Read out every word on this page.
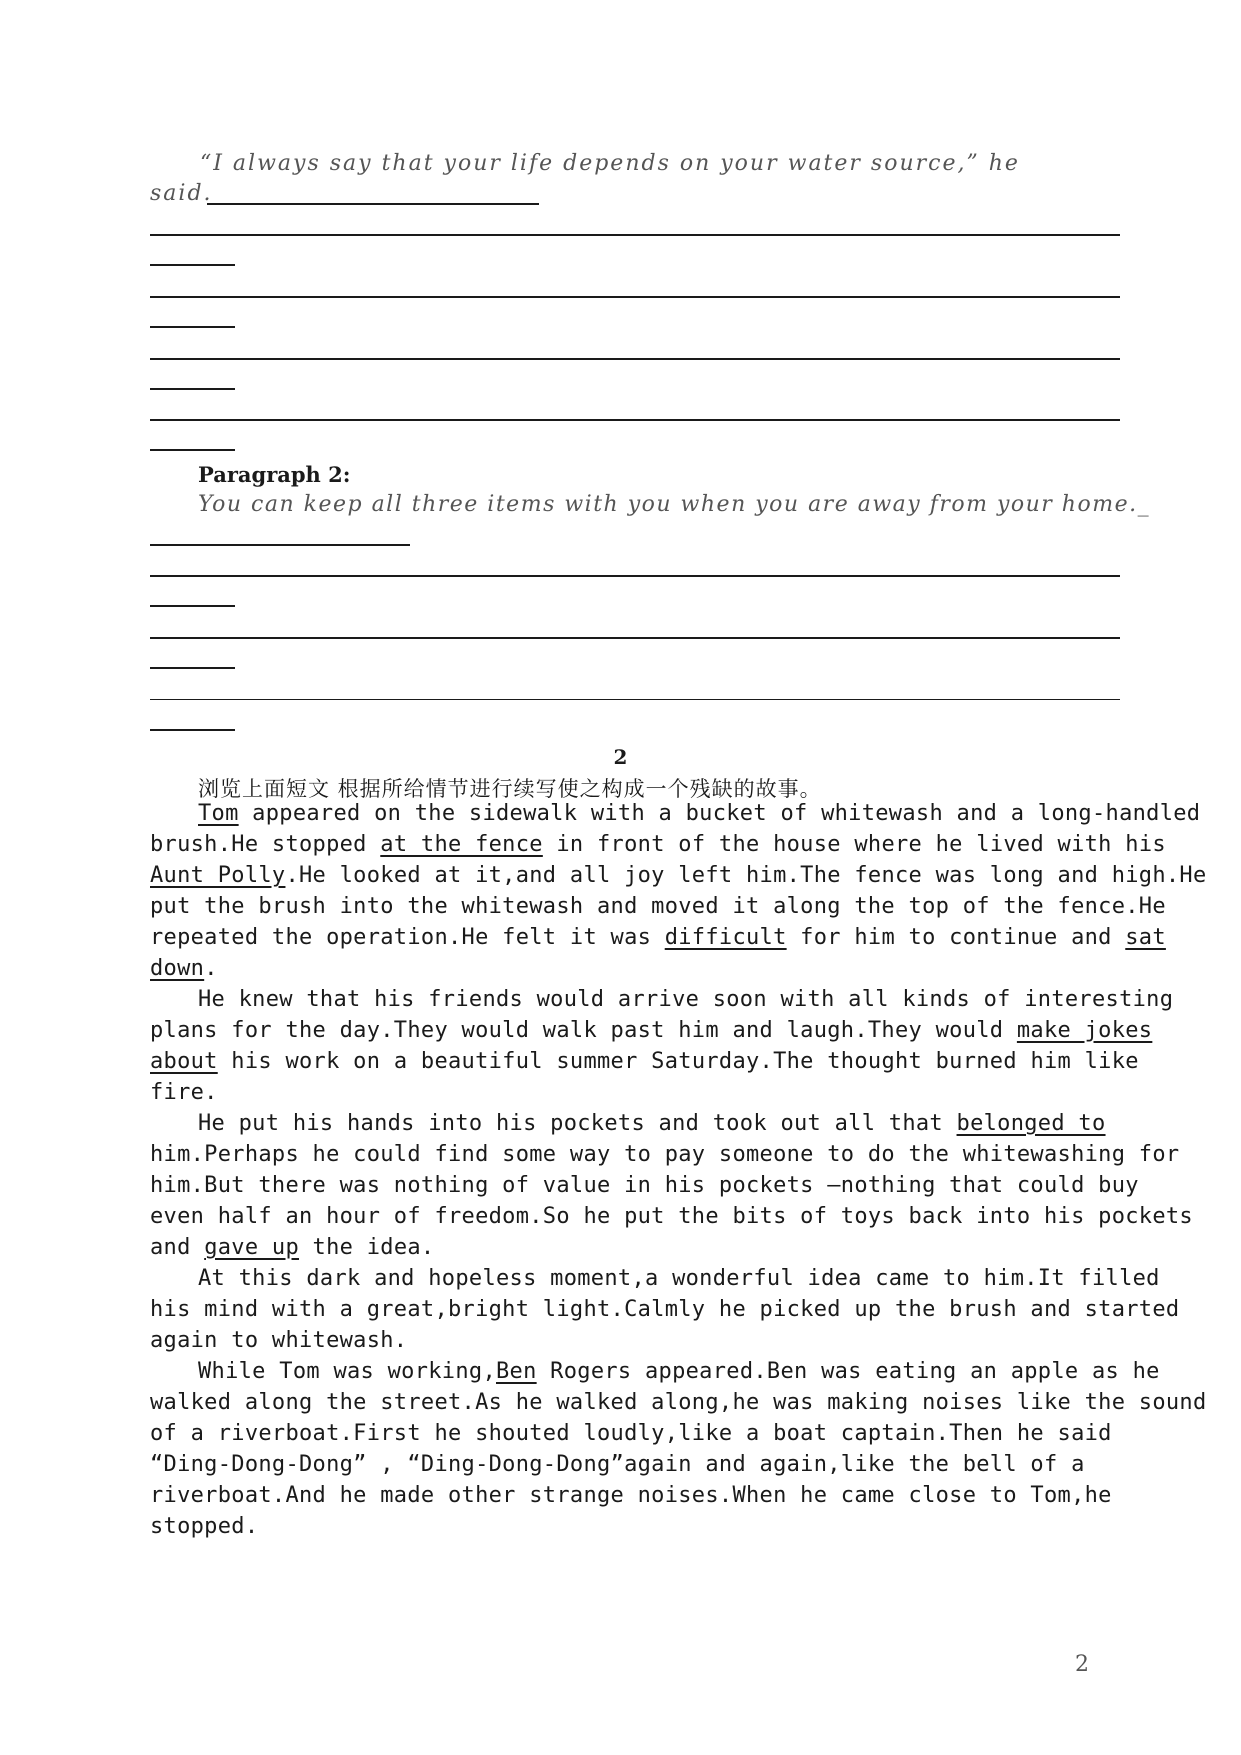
“I always say that your life depends on your water source,” he
said.
Paragraph 2:
You can keep all three items with you when you are away from your home._
2
浏览上面短文 根据所给情节进行续写使之构成一个残缺的故事。
Tom appeared on the sidewalk with a bucket of whitewash and a long-handled
brush.He stopped at the fence in front of the house where he lived with his
Aunt Polly.He looked at it,and all joy left him.The fence was long and high.He
put the brush into the whitewash and moved it along the top of the fence.He
repeated the operation.He felt it was difficult for him to continue and sat
down.
He knew that his friends would arrive soon with all kinds of interesting
plans for the day.They would walk past him and laugh.They would make jokes
about his work on a beautiful summer Saturday.The thought burned him like
fire.
He put his hands into his pockets and took out all that belonged to
him.Perhaps he could find some way to pay someone to do the whitewashing for
him.But there was nothing of value in his pockets —nothing that could buy
even half an hour of freedom.So he put the bits of toys back into his pockets
and gave up the idea.
At this dark and hopeless moment,a wonderful idea came to him.It filled
his mind with a great,bright light.Calmly he picked up the brush and started
again to whitewash.
While Tom was working,Ben Rogers appeared.Ben was eating an apple as he
walked along the street.As he walked along,he was making noises like the sound
of a riverboat.First he shouted loudly,like a boat captain.Then he said
“Ding-Dong-Dong” , “Ding-Dong-Dong”again and again,like the bell of a
riverboat.And he made other strange noises.When he came close to Tom,he
stopped.
2
